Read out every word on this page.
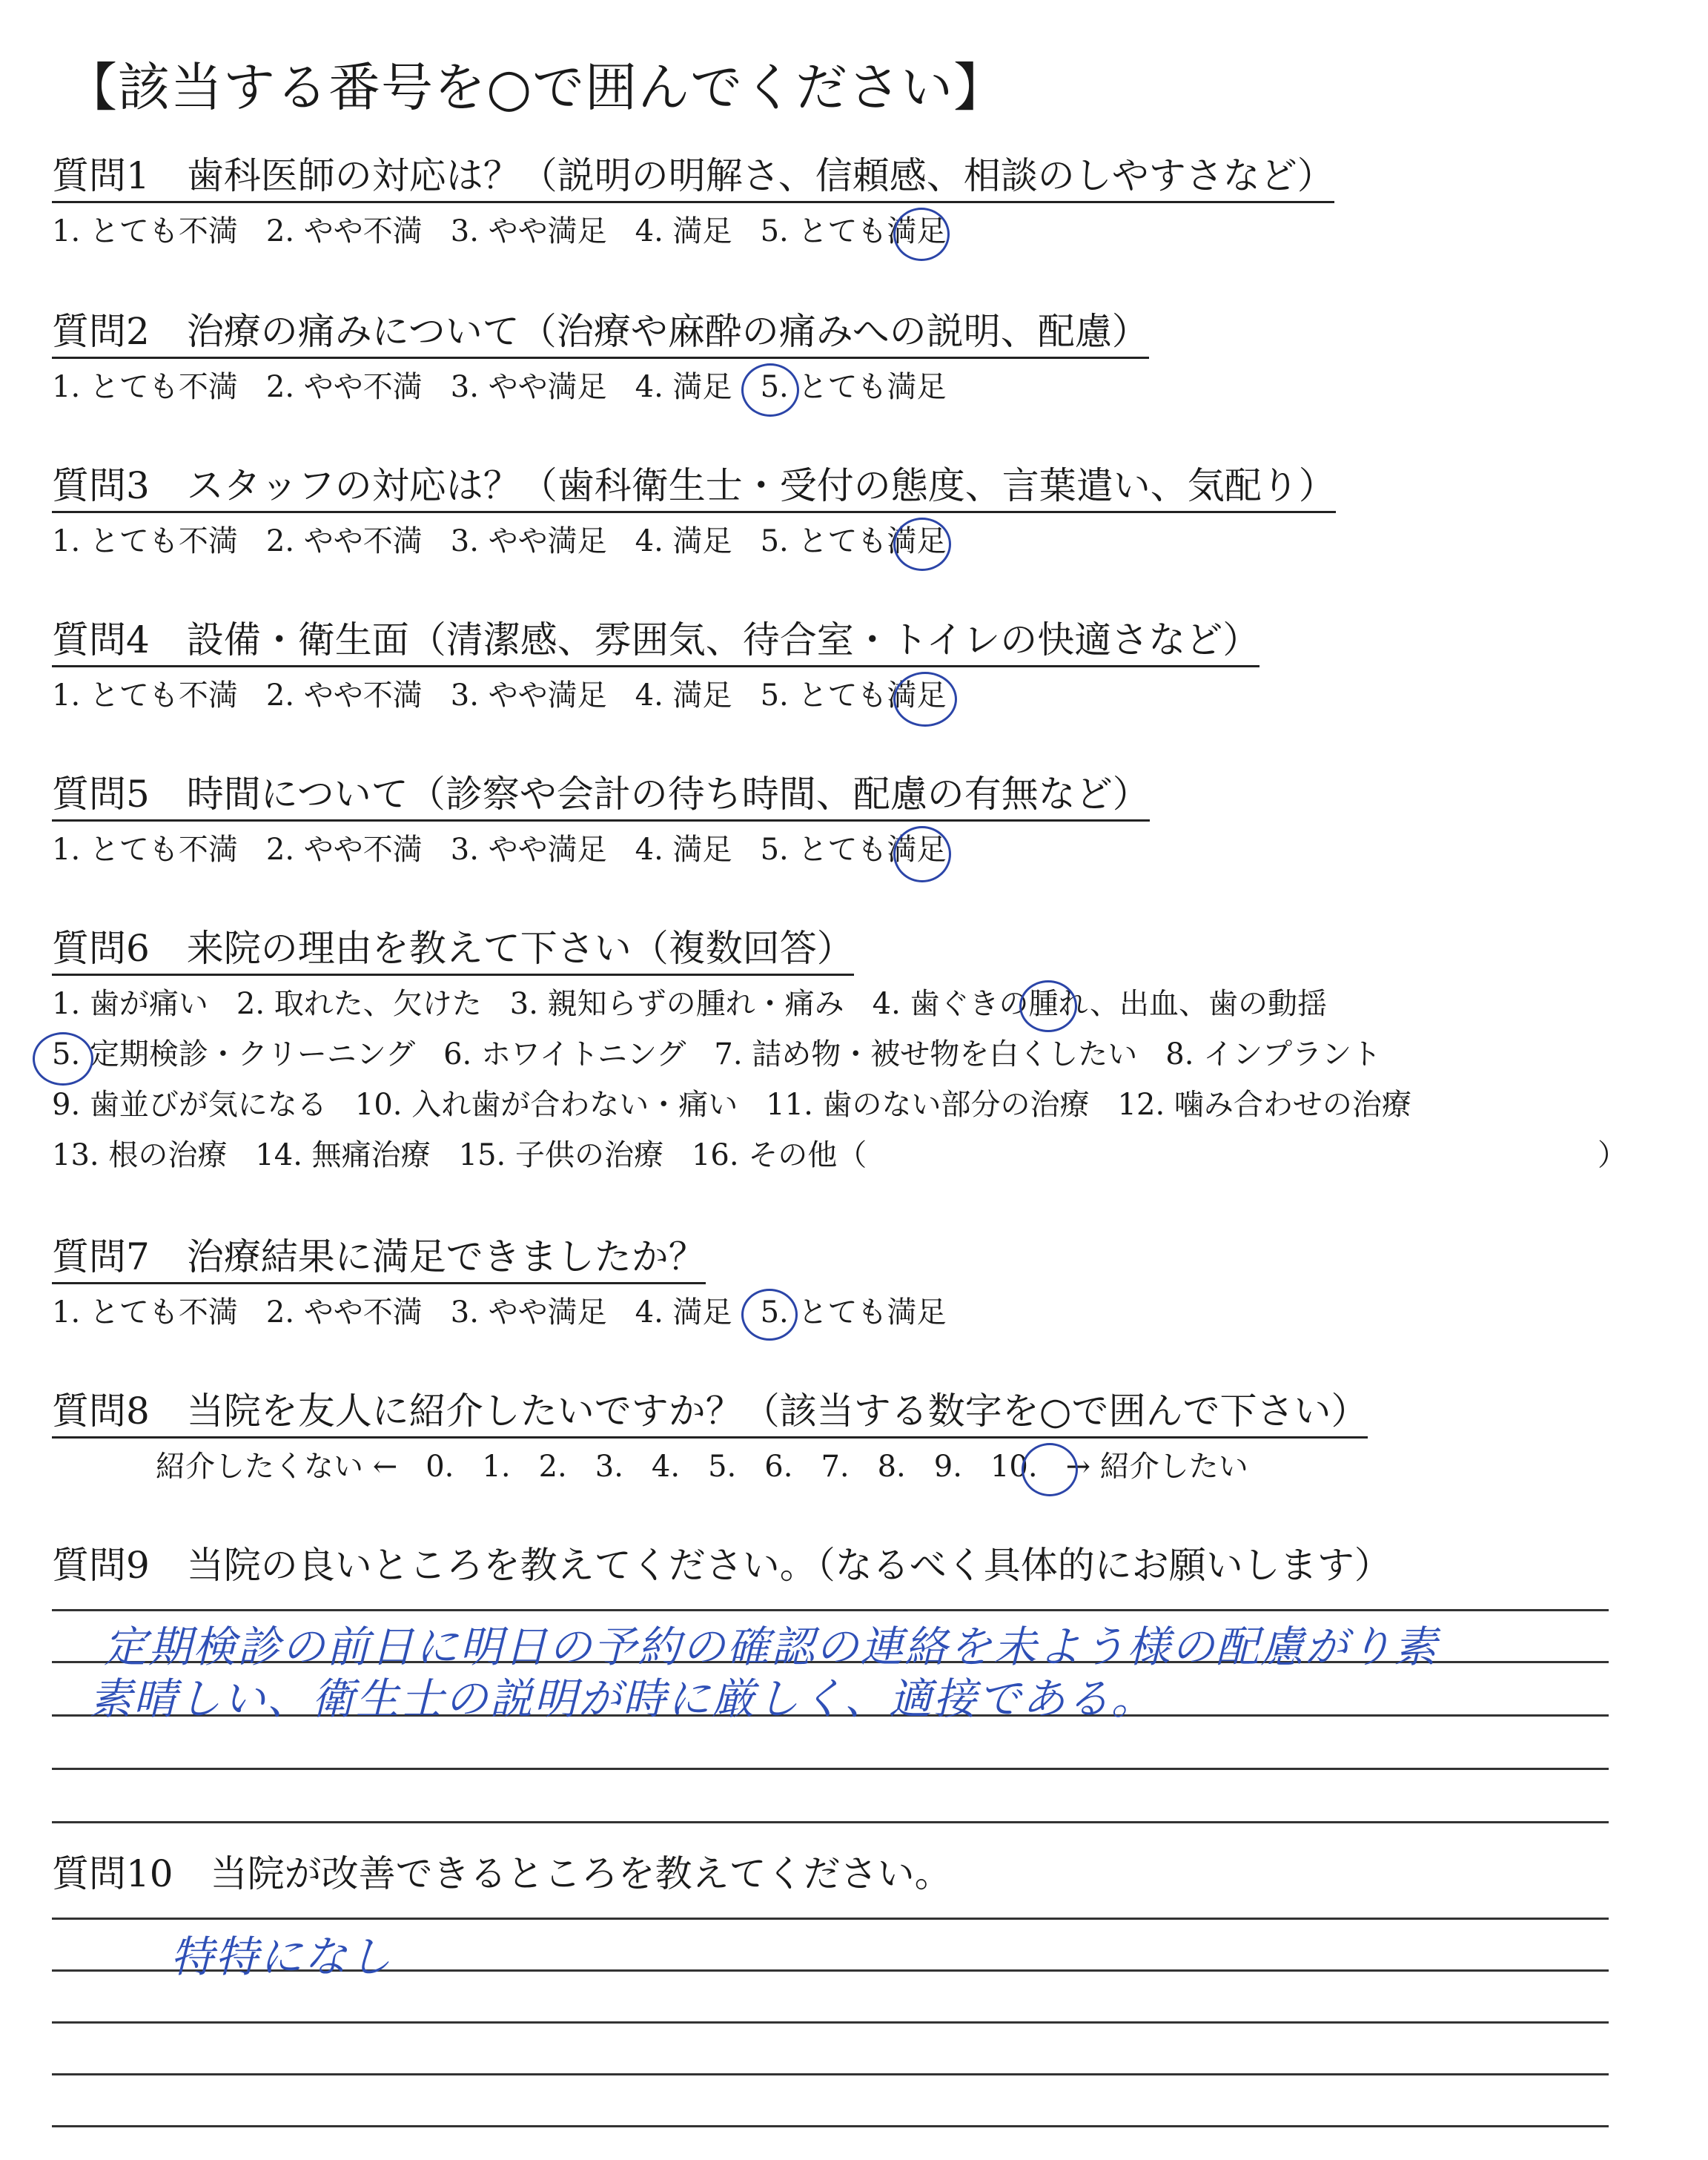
【該当する番号を○で囲んでください】
質問1　歯科医師の対応は？（説明の明解さ、信頼感、相談のしやすさなど）
1. とても不満 2. やや不満 3. やや満足 4. 満足 5. とても満足
質問2　治療の痛みについて（治療や麻酔の痛みへの説明、配慮）
1. とても不満 2. やや不満 3. やや満足 4. 満足 5. とても満足
質問3　スタッフの対応は？（歯科衛生士・受付の態度、言葉遣い、気配り）
1. とても不満 2. やや不満 3. やや満足 4. 満足 5. とても満足
質問4　設備・衛生面（清潔感、雰囲気、待合室・トイレの快適さなど）
1. とても不満 2. やや不満 3. やや満足 4. 満足 5. とても満足
質問5　時間について（診察や会計の待ち時間、配慮の有無など）
1. とても不満 2. やや不満 3. やや満足 4. 満足 5. とても満足
質問6　来院の理由を教えて下さい（複数回答）
1. 歯が痛い 2. 取れた、欠けた 3. 親知らずの腫れ・痛み 4. 歯ぐきの腫れ、出血、歯の動揺
5. 定期検診・クリーニング 6. ホワイトニング 7. 詰め物・被せ物を白くしたい 8. インプラント
9. 歯並びが気になる 10. 入れ歯が合わない・痛い 11. 歯のない部分の治療 12. 噛み合わせの治療
13. 根の治療 14. 無痛治療 15. 子供の治療 16. その他（	）
質問7　治療結果に満足できましたか？
1. とても不満 2. やや不満 3. やや満足 4. 満足 5. とても満足
質問8　当院を友人に紹介したいですか？（該当する数字を○で囲んで下さい）
紹介したくない ← 0. 1. 2. 3. 4. 5. 6. 7. 8. 9. 10. → 紹介したい
質問9　当院の良いところを教えてください。（なるべく具体的にお願いします）
定期検診の前日に明日の予約の確認の連絡を未よう様の配慮がり素
素晴しい、衛生士の説明が時に厳しく、適接である。
質問10　当院が改善できるところを教えてください。
特特になし
